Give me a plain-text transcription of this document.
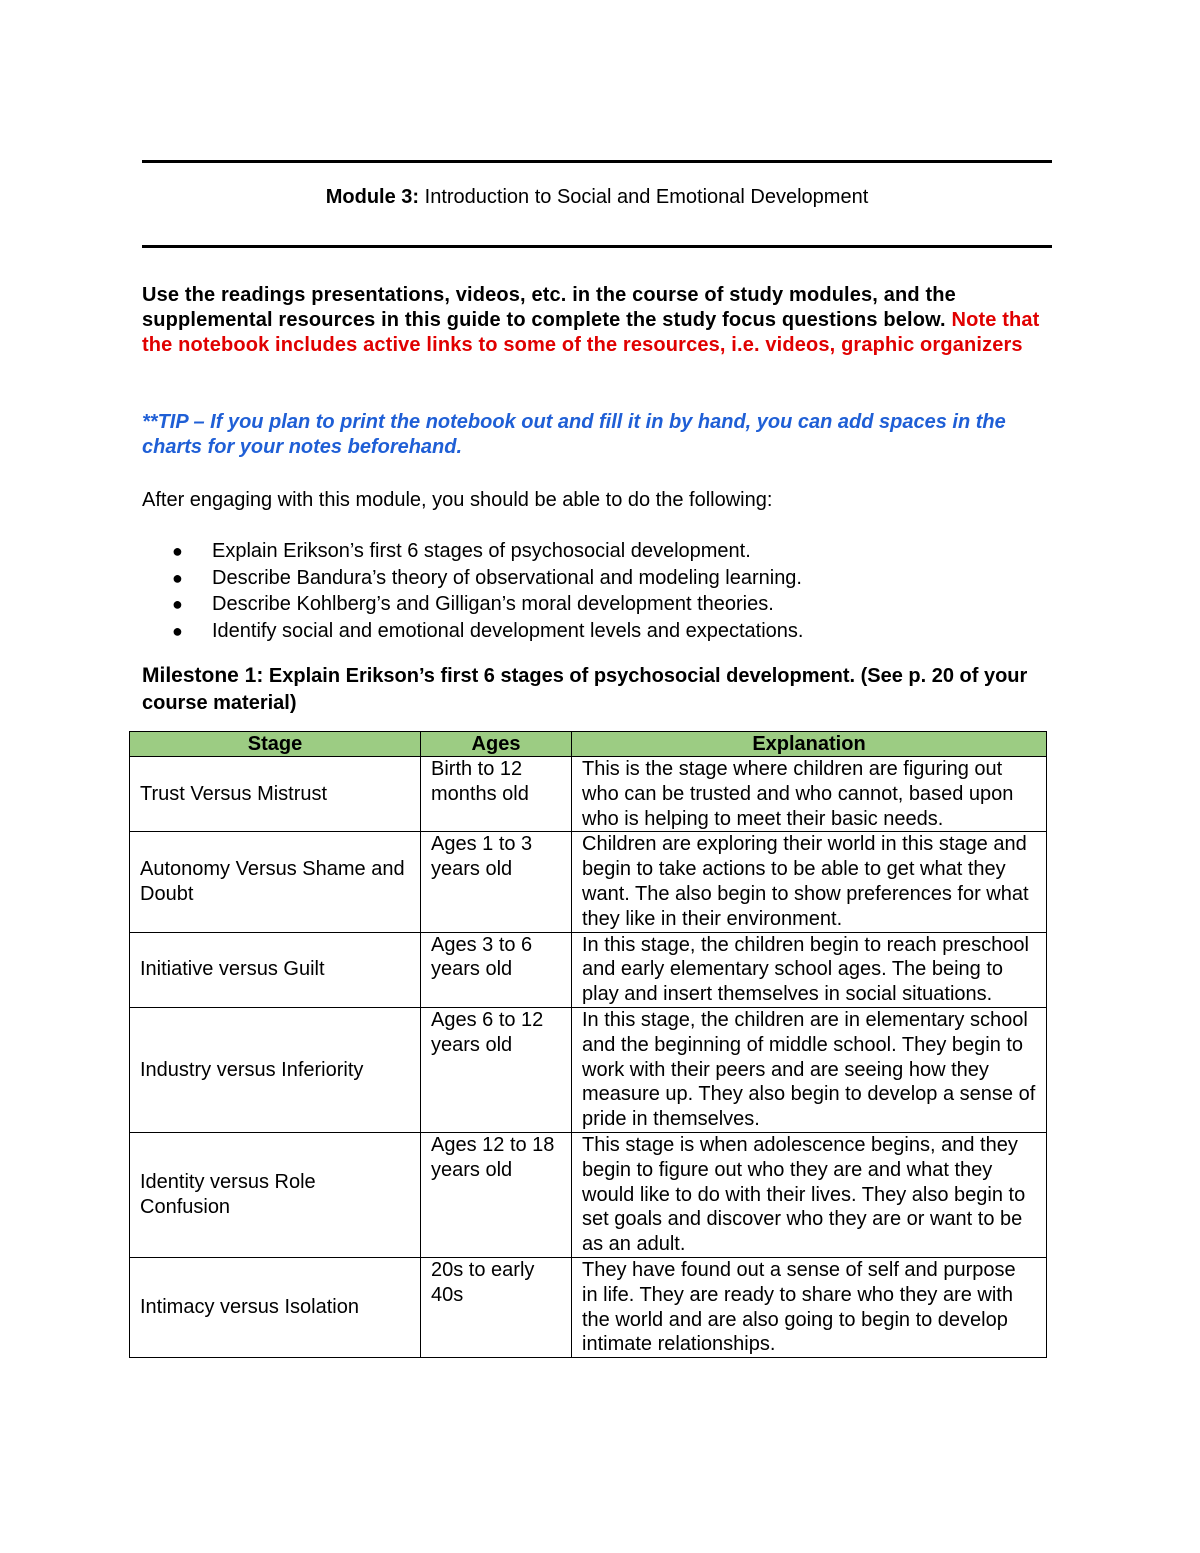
Module 3: Introduction to Social and Emotional Development
Use the readings presentations, videos, etc. in the course of study modules, and the supplemental resources in this guide to complete the study focus questions below. Note that the notebook includes active links to some of the resources, i.e. videos, graphic organizers
**TIP – If you plan to print the notebook out and fill it in by hand, you can add spaces in the charts for your notes beforehand.
After engaging with this module, you should be able to do the following:
● Explain Erikson’s first 6 stages of psychosocial development.
● Describe Bandura’s theory of observational and modeling learning.
● Describe Kohlberg’s and Gilligan’s moral development theories.
● Identify social and emotional development levels and expectations.
Milestone 1: Explain Erikson’s first 6 stages of psychosocial development. (See p. 20 of your course material)
Stage	Ages	Explanation
Trust Versus Mistrust	Birth to 12 months old	This is the stage where children are figuring out who can be trusted and who cannot, based upon who is helping to meet their basic needs.
Autonomy Versus Shame and Doubt	Ages 1 to 3 years old	Children are exploring their world in this stage and begin to take actions to be able to get what they want. The also begin to show preferences for what they like in their environment.
Initiative versus Guilt	Ages 3 to 6 years old	In this stage, the children begin to reach preschool and early elementary school ages. The being to play and insert themselves in social situations.
Industry versus Inferiority	Ages 6 to 12 years old	In this stage, the children are in elementary school and the beginning of middle school. They begin to work with their peers and are seeing how they measure up. They also begin to develop a sense of pride in themselves.
Identity versus Role Confusion	Ages 12 to 18 years old	This stage is when adolescence begins, and they begin to figure out who they are and what they would like to do with their lives. They also begin to set goals and discover who they are or want to be as an adult.
Intimacy versus Isolation	20s to early 40s	They have found out a sense of self and purpose in life. They are ready to share who they are with the world and are also going to begin to develop intimate relationships.
